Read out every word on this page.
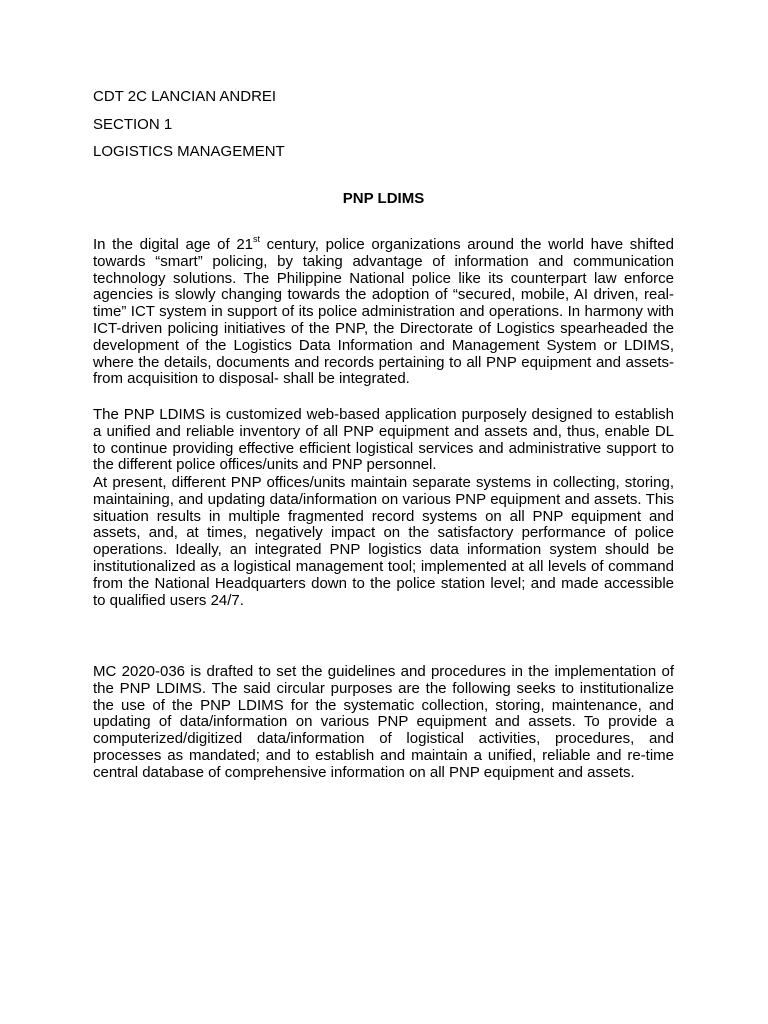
CDT 2C LANCIAN ANDREI

SECTION 1

LOGISTICS MANAGEMENT

PNP LDIMS

In the digital age of 21st century, police organizations around the world have shifted towards “smart” policing, by taking advantage of information and communication technology solutions. The Philippine National police like its counterpart law enforce agencies is slowly changing towards the adoption of “secured, mobile, AI driven, real-time” ICT system in support of its police administration and operations. In harmony with ICT-driven policing initiatives of the PNP, the Directorate of Logistics spearheaded the development of the Logistics Data Information and Management System or LDIMS, where the details, documents and records pertaining to all PNP equipment and assets- from acquisition to disposal- shall be integrated.

The PNP LDIMS is customized web-based application purposely designed to establish a unified and reliable inventory of all PNP equipment and assets and, thus, enable DL to continue providing effective efficient logistical services and administrative support to the different police offices/units and PNP personnel.

At present, different PNP offices/units maintain separate systems in collecting, storing, maintaining, and updating data/information on various PNP equipment and assets. This situation results in multiple fragmented record systems on all PNP equipment and assets, and, at times, negatively impact on the satisfactory performance of police operations. Ideally, an integrated PNP logistics data information system should be institutionalized as a logistical management tool; implemented at all levels of command from the National Headquarters down to the police station level; and made accessible to qualified users 24/7.

MC 2020-036 is drafted to set the guidelines and procedures in the implementation of the PNP LDIMS. The said circular purposes are the following seeks to institutionalize the use of the PNP LDIMS for the systematic collection, storing, maintenance, and updating of data/information on various PNP equipment and assets. To provide a computerized/digitized data/information of logistical activities, procedures, and processes as mandated; and to establish and maintain a unified, reliable and re-time central database of comprehensive information on all PNP equipment and assets.
